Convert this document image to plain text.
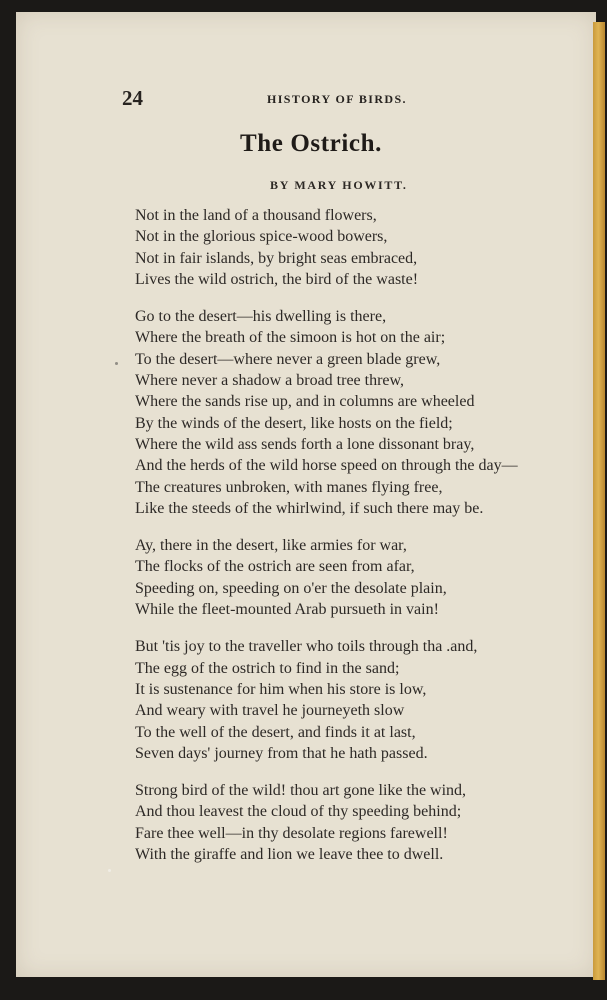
24	HISTORY OF BIRDS.
The Ostrich.
BY MARY HOWITT.
Not in the land of a thousand flowers,
Not in the glorious spice-wood bowers,
Not in fair islands, by bright seas embraced,
Lives the wild ostrich, the bird of the waste!
Go to the desert—his dwelling is there,
Where the breath of the simoon is hot on the air;
To the desert—where never a green blade grew,
Where never a shadow a broad tree threw,
Where the sands rise up, and in columns are wheeled
By the winds of the desert, like hosts on the field;
Where the wild ass sends forth a lone dissonant bray,
And the herds of the wild horse speed on through the day—
The creatures unbroken, with manes flying free,
Like the steeds of the whirlwind, if such there may be.
Ay, there in the desert, like armies for war,
The flocks of the ostrich are seen from afar,
Speeding on, speeding on o'er the desolate plain,
While the fleet-mounted Arab pursueth in vain!
But 'tis joy to the traveller who toils through tha .and,
The egg of the ostrich to find in the sand;
It is sustenance for him when his store is low,
And weary with travel he journeyeth slow
To the well of the desert, and finds it at last,
Seven days' journey from that he hath passed.
Strong bird of the wild! thou art gone like the wind,
And thou leavest the cloud of thy speeding behind;
Fare thee well—in thy desolate regions farewell!
With the giraffe and lion we leave thee to dwell.
